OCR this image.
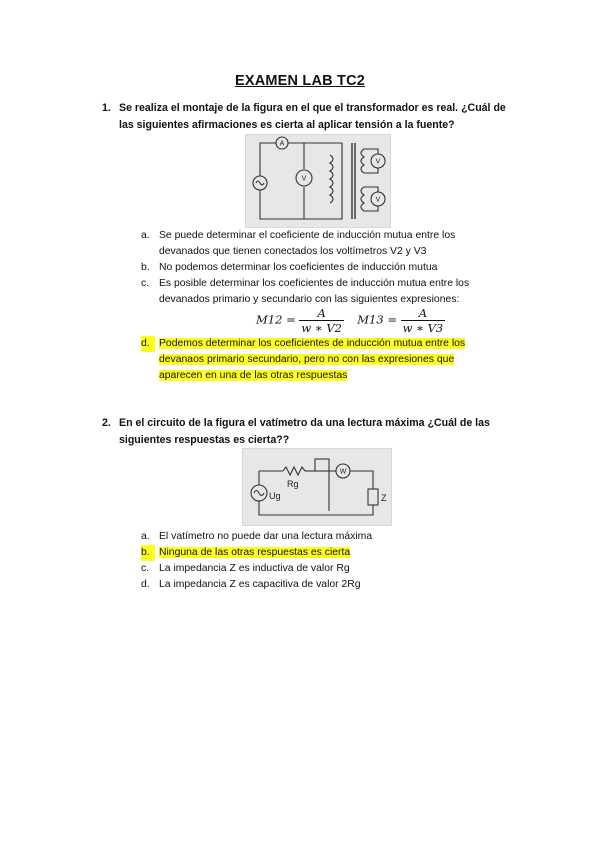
EXAMEN LAB TC2
1. Se realiza el montaje de la figura en el que el transformador es real. ¿Cuál de
las siguientes afirmaciones es cierta al aplicar tensión a la fuente?
A
V
V
V
a. Se puede determinar el coeficiente de inducción mutua entre los
devanados que tienen conectados los voltímetros V2 y V3
b. No podemos determinar los coeficientes de inducción mutua
c. Es posible determinar los coeficientes de inducción mutua entre los
devanados primario y secundario con las siguientes expresiones:
$M12 = \frac{A}{w ∗ V2} M13 = \frac{A}{w ∗ V3}$
d. Podemos determinar los coeficientes de inducción mutua entre los
devanaos primario secundario, pero no con las expresiones que
aparecen en una de las otras respuestas
2. En el circuito de la figura el vatímetro da una lectura máxima ¿Cuál de las
siguientes respuestas es cierta??
W
Rg
Ug	Z
a. El vatímetro no puede dar una lectura máxima
b. Ninguna de las otras respuestas es cierta
c. La impedancia Z es inductiva de valor Rg
d. La impedancia Z es capacitiva de valor 2Rg
